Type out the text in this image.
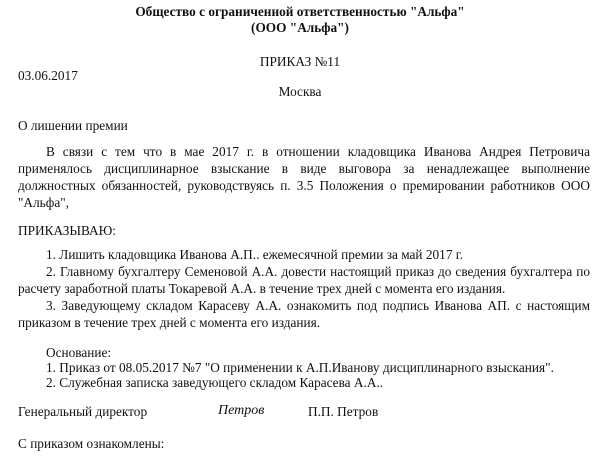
Общество с ограниченной ответственностью "Альфа"
(ООО "Альфа")
ПРИКАЗ №11
03.06.2017
Москва
О лишении премии

В связи с тем что в мае 2017 г. в отношении кладовщика Иванова Андрея Петровича применялось дисциплинарное взыскание в виде выговора за ненадлежащее выполнение должностных обязанностей, руководствуясь п. 3.5 Положения о премировании работников ООО "Альфа",

ПРИКАЗЫВАЮ:

1. Лишить кладовщика Иванова А.П.. ежемесячной премии за май 2017 г.

2. Главному бухгалтеру Семеновой А.А. довести настоящий приказ до сведения бухгалтера по расчету заработной платы Токаревой А.А. в течение трех дней с момента его издания.

3. Заведующему складом Карасеву А.А. ознакомить под подпись Иванова АП. с настоящим приказом в течение трех дней с момента его издания.

Основание:
1. Приказ от 08.05.2017 №7 "О применении к А.П.Иванову дисциплинарного взыскания".
2. Служебная записка заведующего складом Карасева А.А..
Генеральный директор	Петров	П.П. Петров
С приказом ознакомлены:
